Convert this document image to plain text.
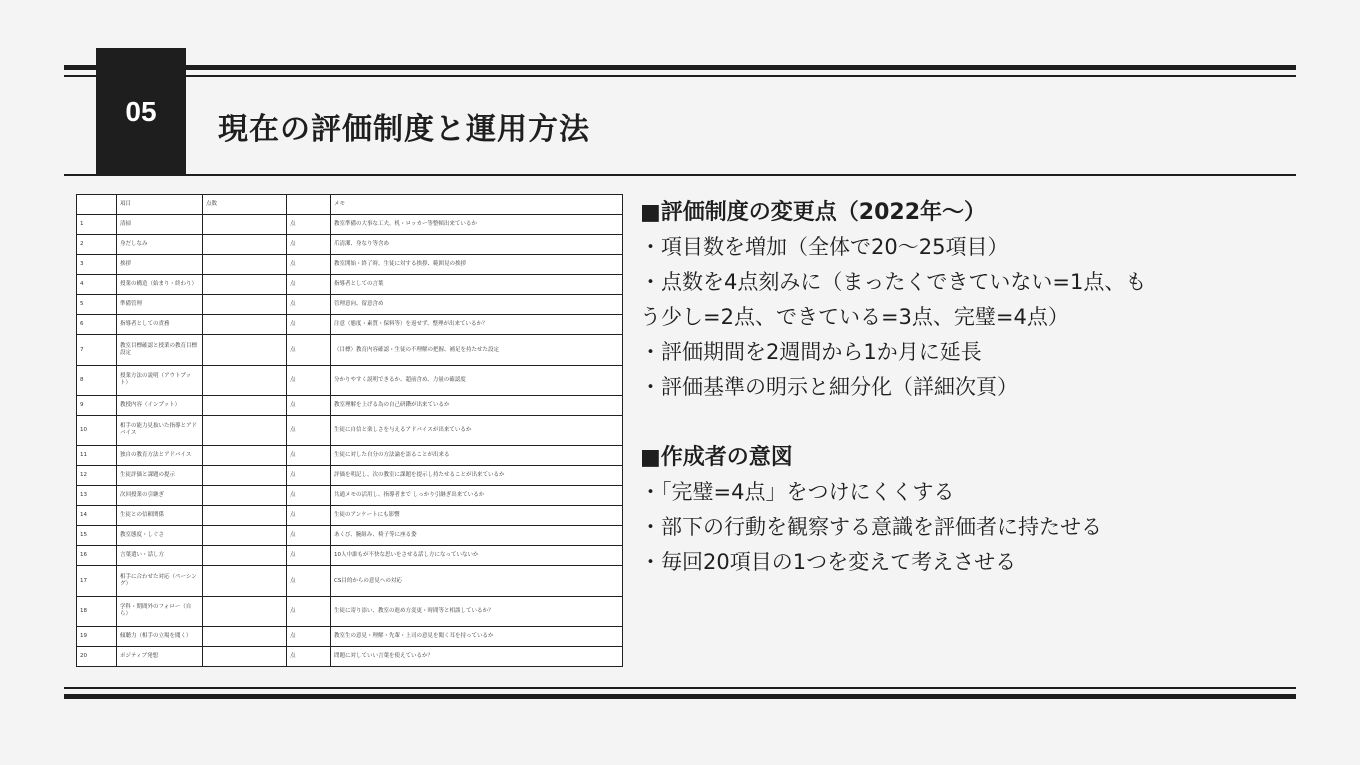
05
現在の評価制度と運用方法
	項目	点数		メモ
1	清掃		点	教室準備の大事な工夫。机・ロッカー等整頓出来ているか
2	身だしなみ		点	爪清潔、身なり等含め
3	挨拶		点	教室開始・終了時、生徒に対する挨拶、範囲見の挨拶
4	授業の構造（始まり・終わり）		点	指導者としての言葉
5	準備管理		点	管理意向、留意含め
6	指導者としての責務		点	注意（態度・素質・保料等）を返せず、整理が出来ているか？
7	教室目標確認と授業の教育目標設定		点	（目標）教育内容確認・生徒の不理解の把握、補足を持たせた設定
8	授業方法の説明（アウトプット）		点	分かりやすく説明できるか、超前含め、力量の確認度
9	教授内容（インプット）		点	教室理解を上げる為の自己研鑽が出来ているか
10	相手の能力見抜いた指導とアドバイス		点	生徒に自信と楽しさを与えるアドバイスが出来ているか
11	独自の教育方法とアドバイス		点	生徒に対した自分の方法論を語ることが出来る
12	生徒評価と課題の提示		点	評価を明記し、次の教室に課題を提示し持たせることが出来ているか
13	次回授業の引継ぎ		点	共通メモの活用し、指導者まで しっかり引継ぎ出来ているか
14	生徒との信頼関係		点	生徒のアンケートにも影響
15	教室態度・しぐさ		点	あくび、腕組み、椅子等に座る姿
16	言葉遣い・話し方		点	10人中誰もが不快な思いをさせる話し方になっていないか
17	相手に合わせた対応（ペーシング）		点	CS目的からの意見への対応
18	学科・期間外のフォロー（自ら）		点	生徒に寄り添い、教室の進め方変更・時間等と相談しているか？
19	傾聴力（相手の立場を聞く）		点	教室生の意見・理解・先輩・上司の意見を聞く耳を持っているか
20	ポジティブ発想		点	問題に対していい言葉を使えているか？
■評価制度の変更点（2022年～）
・項目数を増加（全体で20～25項目）
・点数を4点刻みに（まったくできていない=1点、も
う少し=2点、できている=3点、完璧=4点）
・評価期間を2週間から1か月に延長
・評価基準の明示と細分化（詳細次頁）
■作成者の意図
・「完璧=4点」をつけにくくする
・部下の行動を観察する意識を評価者に持たせる
・毎回20項目の1つを変えて考えさせる
